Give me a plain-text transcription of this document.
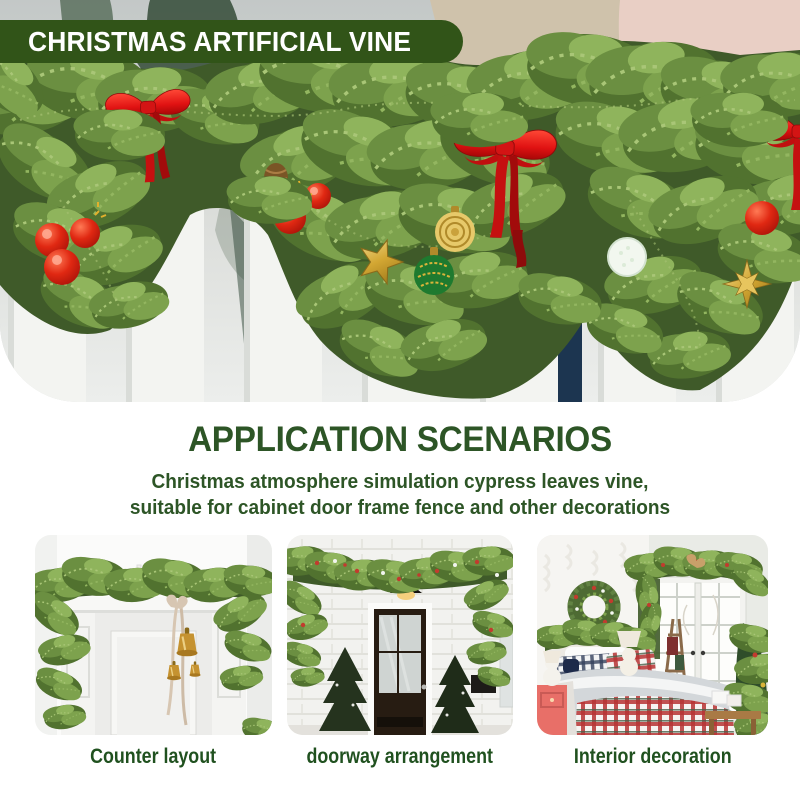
CHRISTMAS ARTIFICIAL VINE
APPLICATION SCENARIOS
Christmas atmosphere simulation cypress leaves vine,
suitable for cabinet door frame fence and other decorations
Counter layout	doorway arrangement	Interior decoration
